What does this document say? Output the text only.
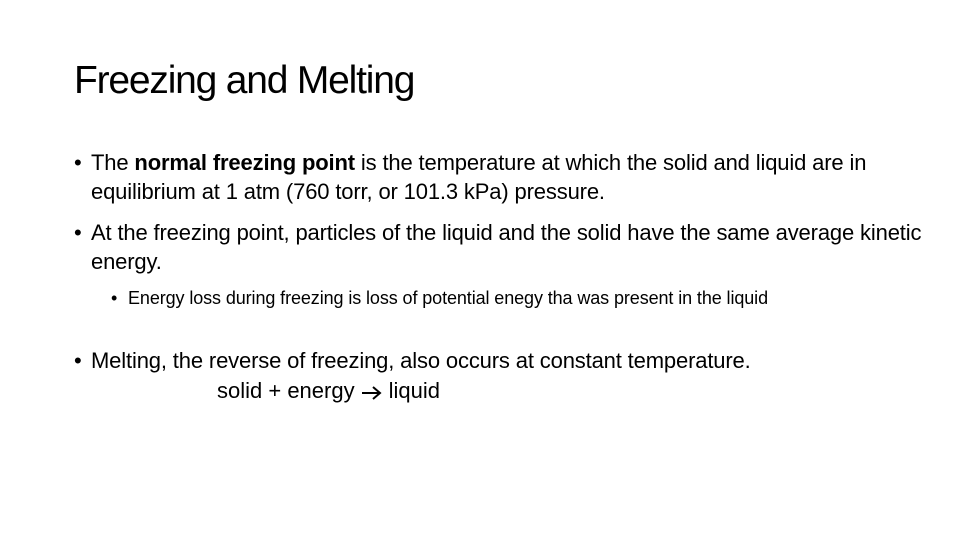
Freezing and Melting
• The normal freezing point is the temperature at which the solid and liquid are in equilibrium at 1 atm (760 torr, or 101.3 kPa) pressure.
• At the freezing point, particles of the liquid and the solid have the same average kinetic energy.
• Energy loss during freezing is loss of potential enegy tha was present in the liquid
• Melting, the reverse of freezing, also occurs at constant temperature.
solid + energy liquid
